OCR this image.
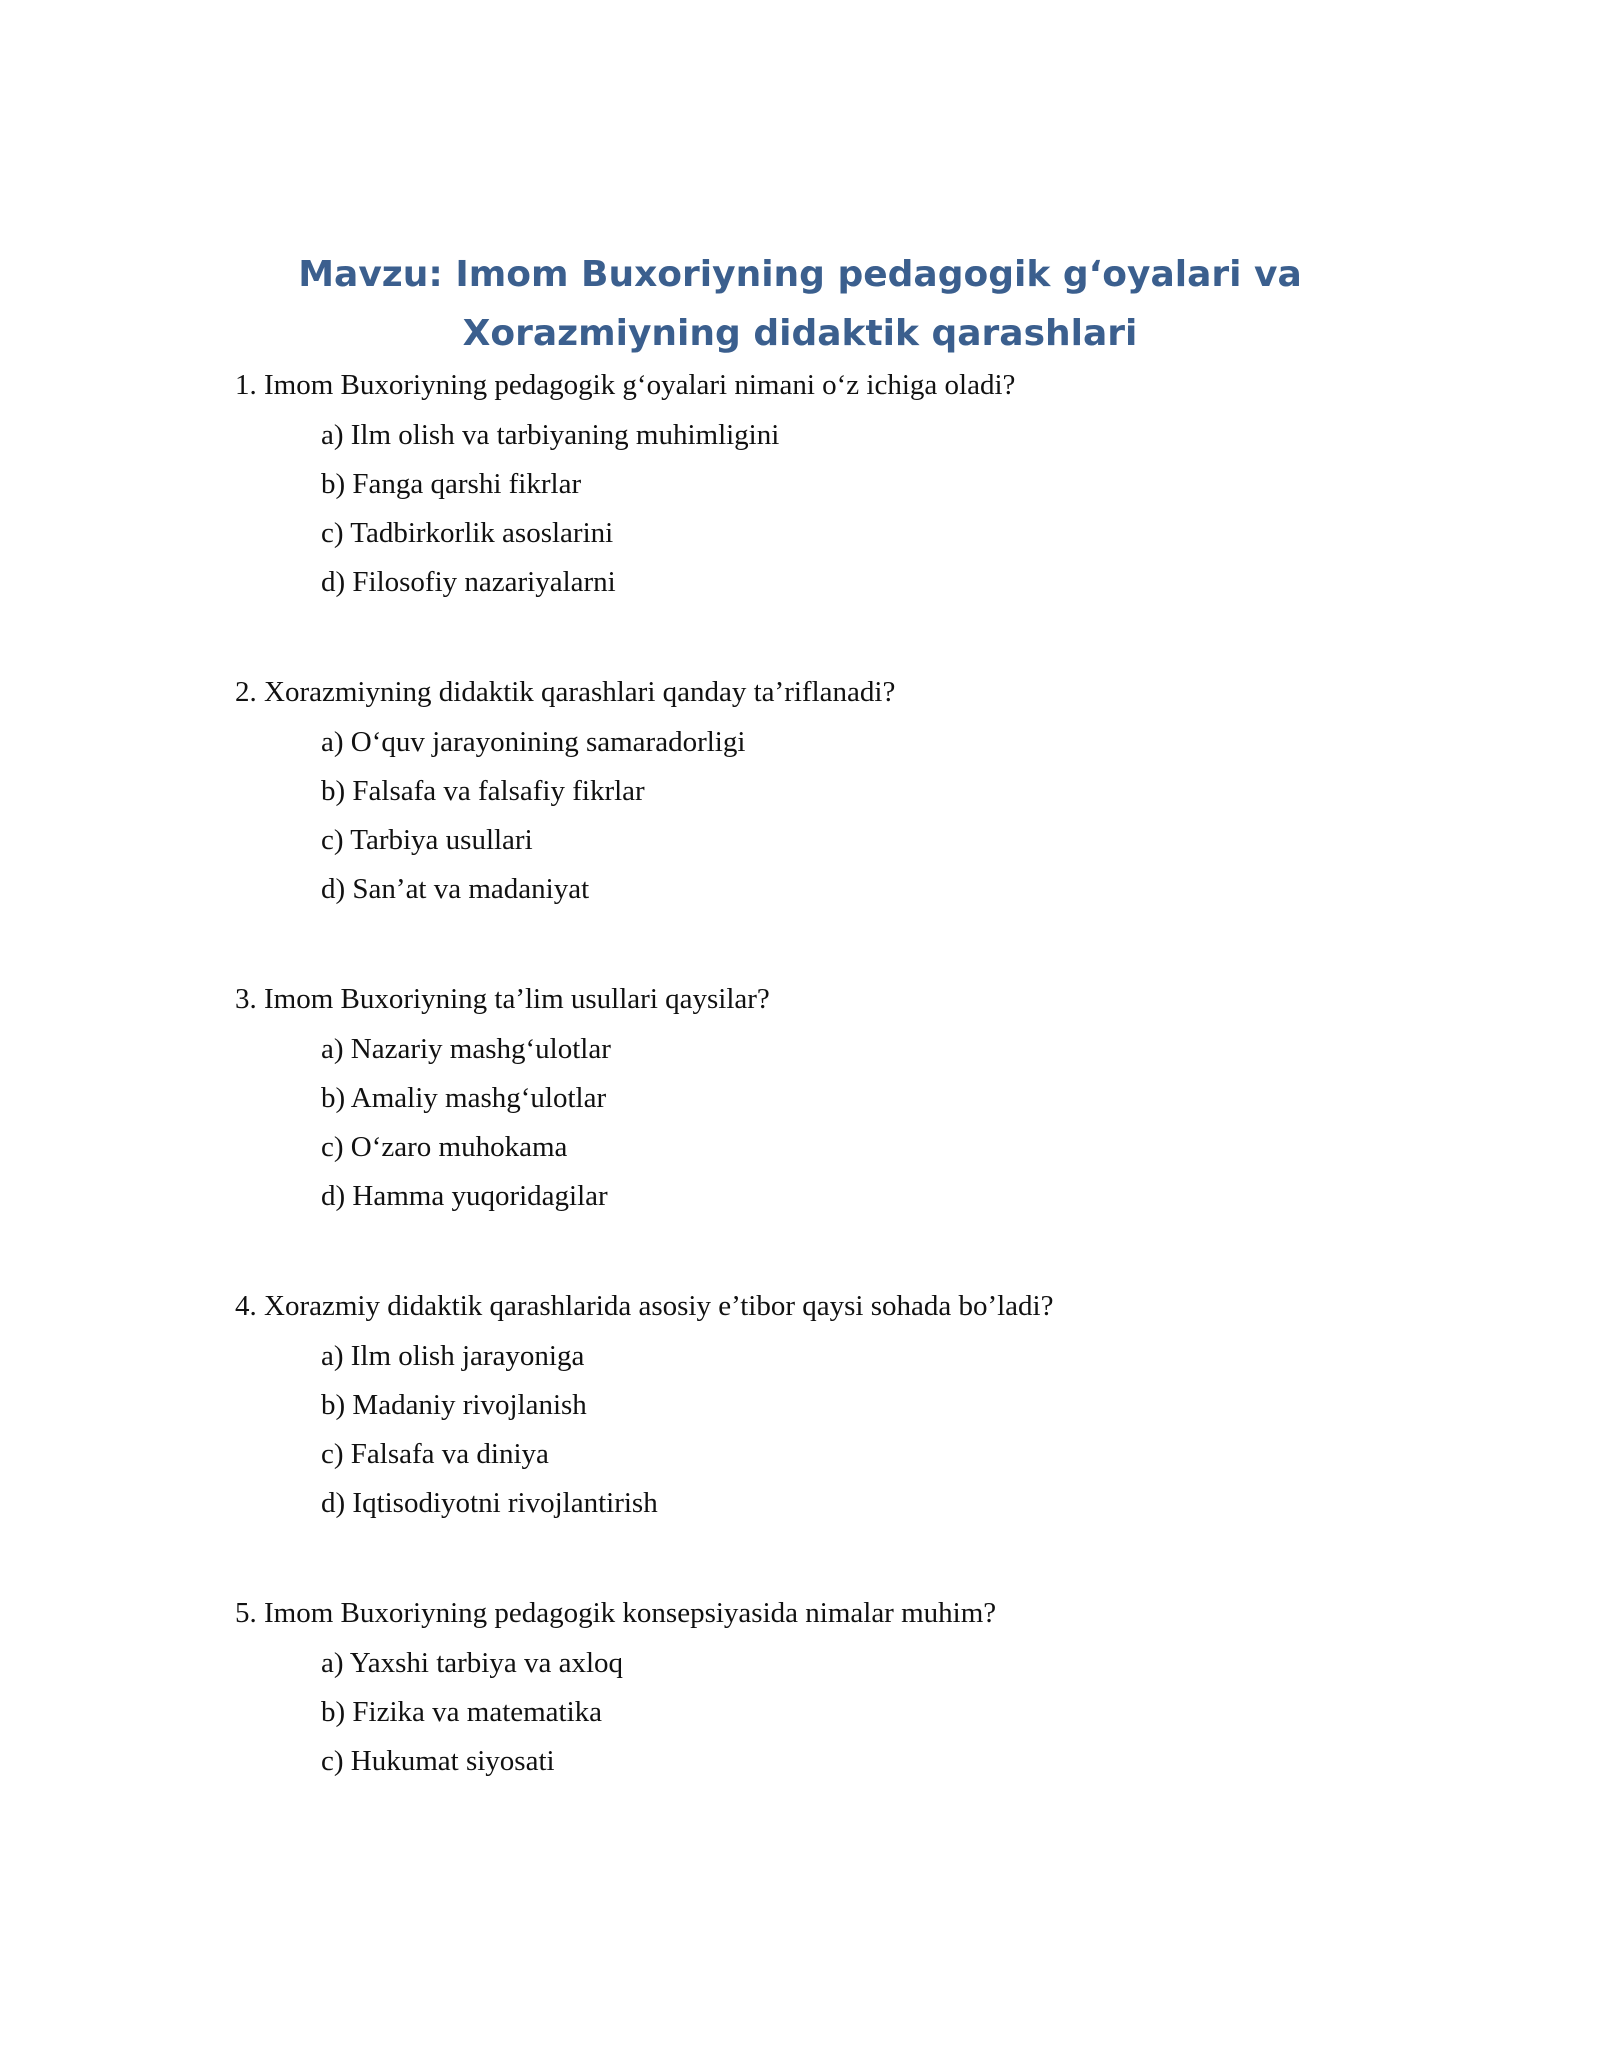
Mavzu: Imom Buxoriyning pedagogik g‘oyalari va Xorazmiyning didaktik qarashlari

1. Imom Buxoriyning pedagogik g‘oyalari nimani o‘z ichiga oladi?

a) Ilm olish va tarbiyaning muhimligini
b) Fanga qarshi fikrlar
c) Tadbirkorlik asoslarini
d) Filosofiy nazariyalarni

2. Xorazmiyning didaktik qarashlari qanday ta’riflanadi?

a) O‘quv jarayonining samaradorligi
b) Falsafa va falsafiy fikrlar
c) Tarbiya usullari
d) San’at va madaniyat

3. Imom Buxoriyning ta’lim usullari qaysilar?

a) Nazariy mashg‘ulotlar
b) Amaliy mashg‘ulotlar
c) O‘zaro muhokama
d) Hamma yuqoridagilar

4. Xorazmiy didaktik qarashlarida asosiy e’tibor qaysi sohada bo’ladi?

a) Ilm olish jarayoniga
b) Madaniy rivojlanish
c) Falsafa va diniya
d) Iqtisodiyotni rivojlantirish

5. Imom Buxoriyning pedagogik konsepsiyasida nimalar muhim?

a) Yaxshi tarbiya va axloq
b) Fizika va matematika
c) Hukumat siyosati
